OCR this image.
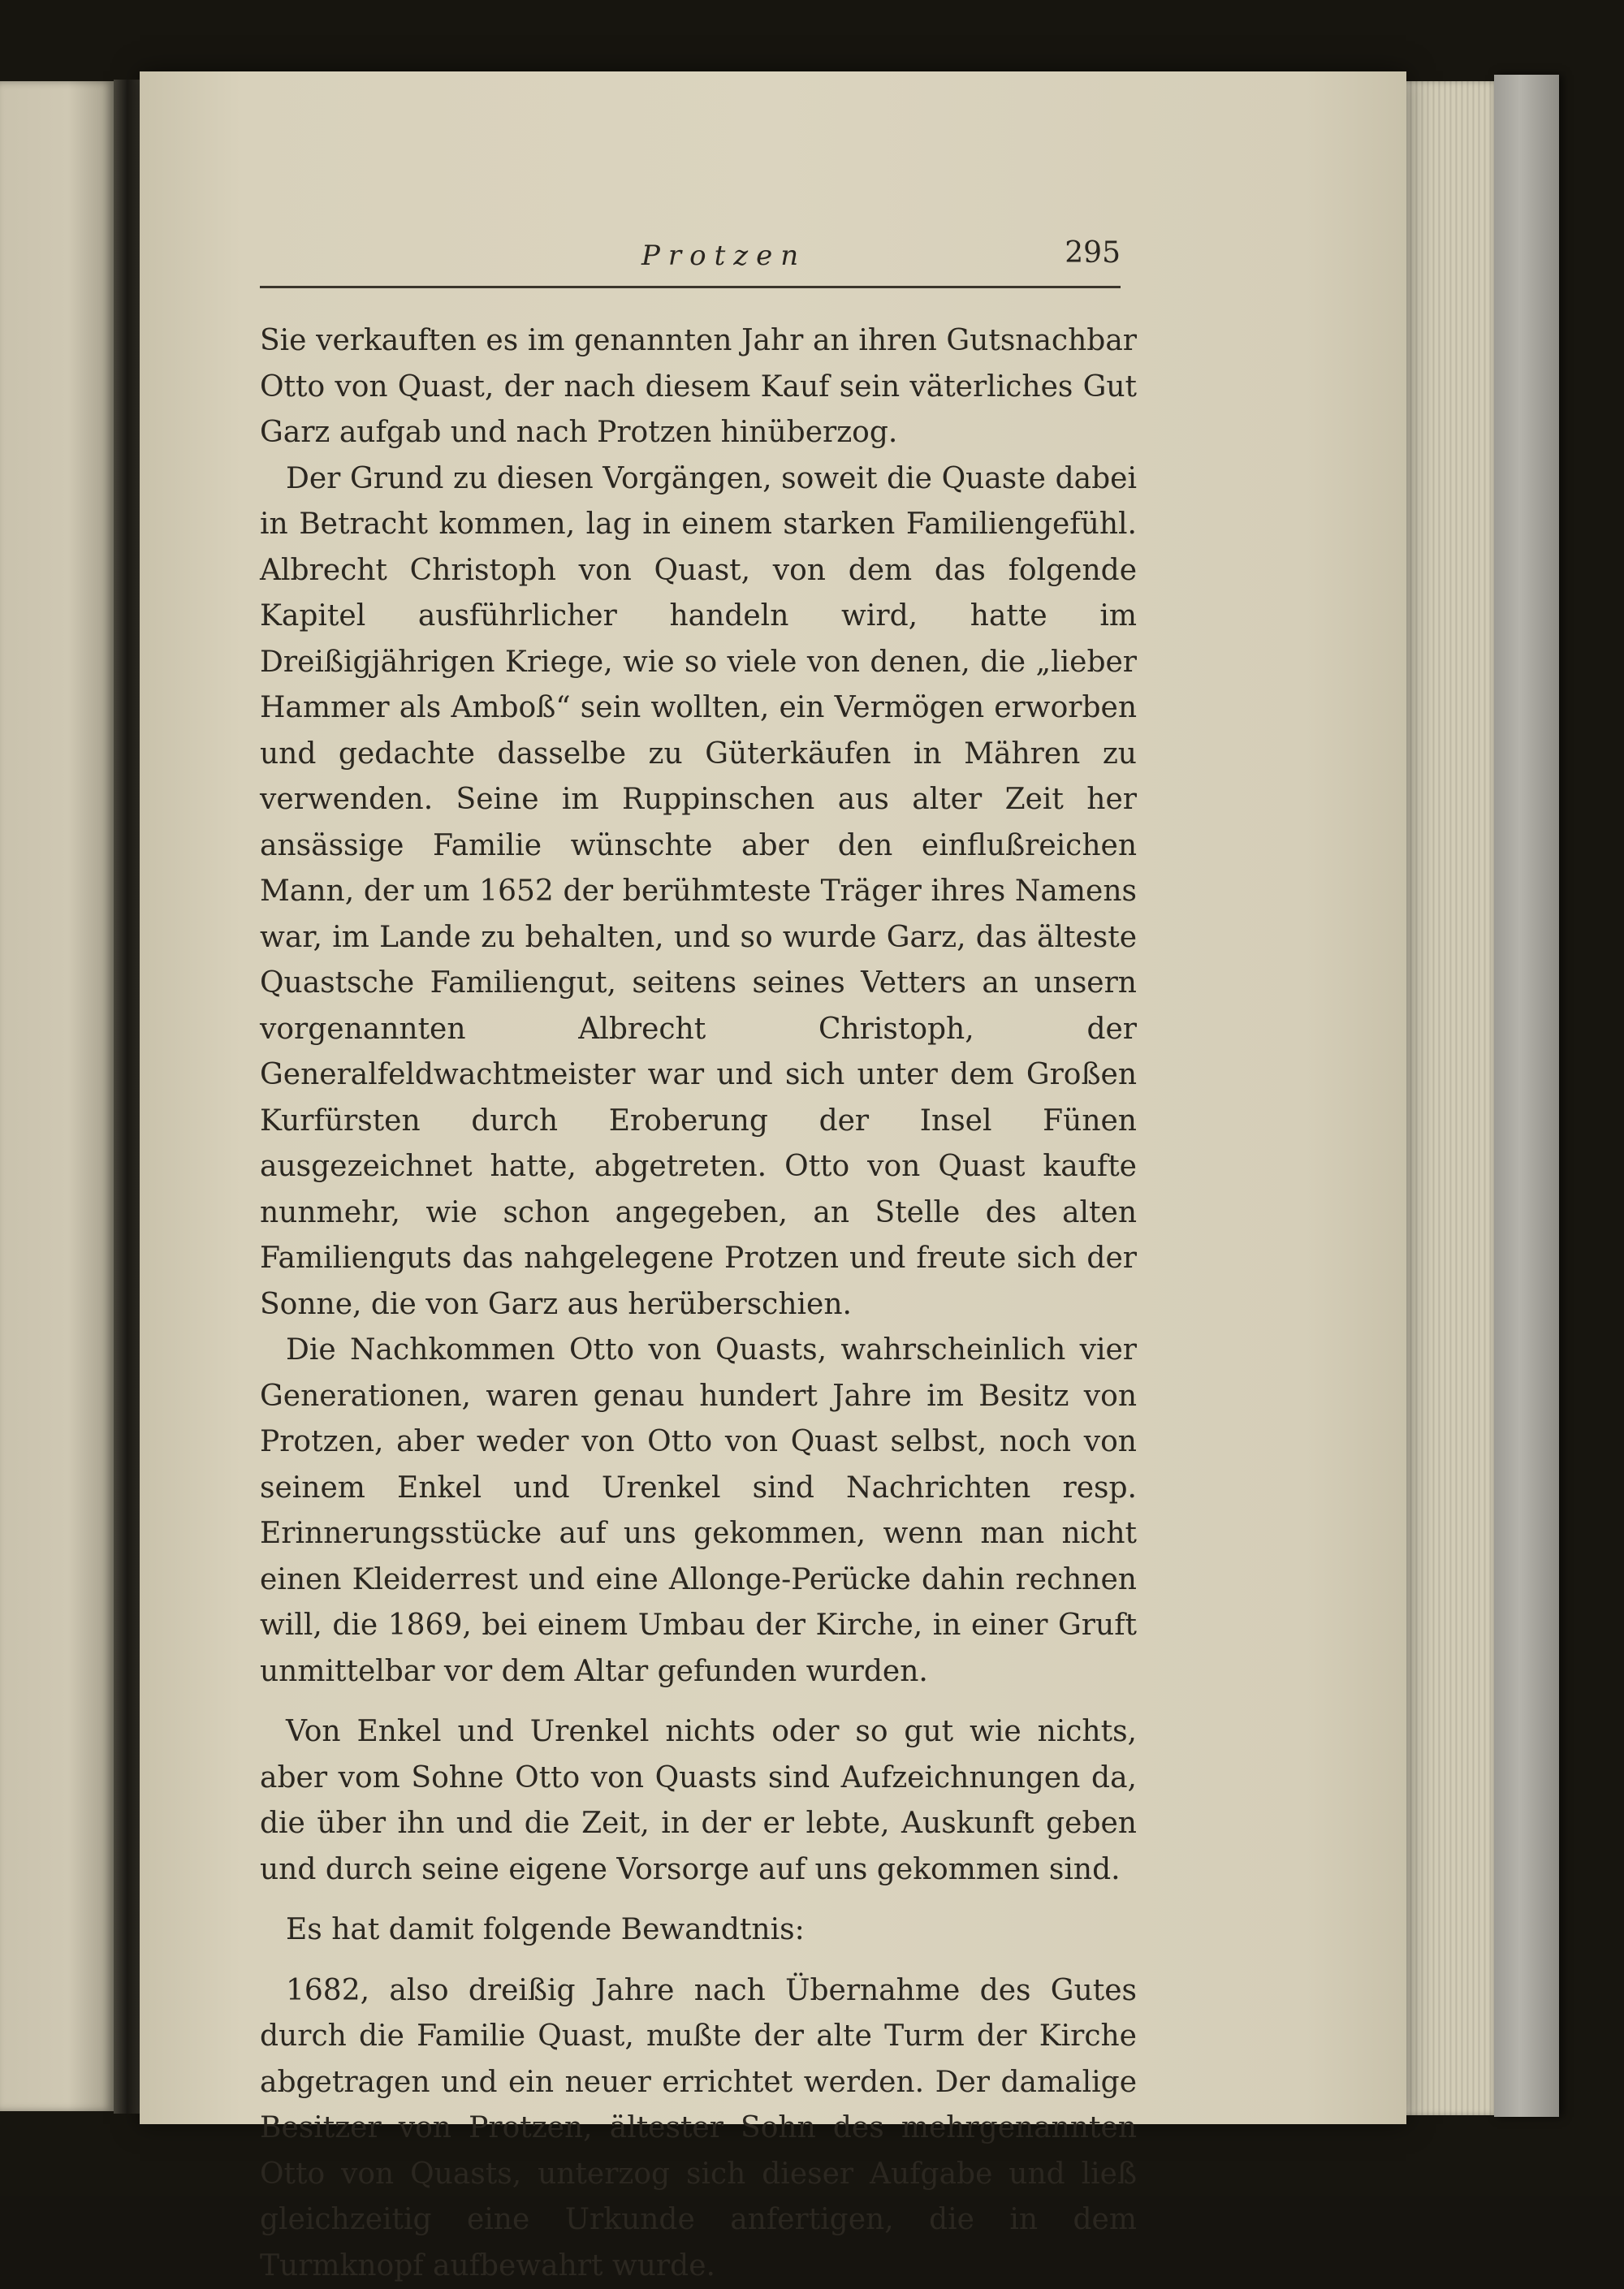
Protzen	295

Sie verkauften es im genannten Jahr an ihren Gutsnachbar Otto von Quast, der nach diesem Kauf sein väterliches Gut Garz aufgab und nach Protzen hinüberzog.

Der Grund zu diesen Vorgängen, soweit die Quaste dabei in Betracht kommen, lag in einem starken Familiengefühl. Albrecht Christoph von Quast, von dem das folgende Kapitel ausführlicher handeln wird, hatte im Dreißigjährigen Kriege, wie so viele von denen, die „lieber Hammer als Amboß“ sein wollten, ein Vermögen erworben und gedachte dasselbe zu Güterkäufen in Mähren zu verwenden. Seine im Ruppinschen aus alter Zeit her ansässige Familie wünschte aber den einflußreichen Mann, der um 1652 der berühmteste Träger ihres Namens war, im Lande zu behalten, und so wurde Garz, das älteste Quastsche Familiengut, seitens seines Vetters an unsern vorgenannten Albrecht Christoph, der Generalfeldwachtmeister war und sich unter dem Großen Kurfürsten durch Eroberung der Insel Fünen ausgezeichnet hatte, abgetreten. Otto von Quast kaufte nunmehr, wie schon angegeben, an Stelle des alten Familienguts das nahgelegene Protzen und freute sich der Sonne, die von Garz aus herüberschien.

Die Nachkommen Otto von Quasts, wahrscheinlich vier Generationen, waren genau hundert Jahre im Besitz von Protzen, aber weder von Otto von Quast selbst, noch von seinem Enkel und Urenkel sind Nachrichten resp. Erinnerungsstücke auf uns gekommen, wenn man nicht einen Kleiderrest und eine Allonge-Perücke dahin rechnen will, die 1869, bei einem Umbau der Kirche, in einer Gruft unmittelbar vor dem Altar gefunden wurden.

Von Enkel und Urenkel nichts oder so gut wie nichts, aber vom Sohne Otto von Quasts sind Aufzeichnungen da, die über ihn und die Zeit, in der er lebte, Auskunft geben und durch seine eigene Vorsorge auf uns gekommen sind.

Es hat damit folgende Bewandtnis:

1682, also dreißig Jahre nach Übernahme des Gutes durch die Familie Quast, mußte der alte Turm der Kirche abgetragen und ein neuer errichtet werden. Der damalige Besitzer von Protzen, ältester Sohn des mehrgenannten Otto von Quasts, unterzog sich dieser Aufgabe und ließ gleichzeitig eine Urkunde anfertigen, die in dem Turmknopf aufbewahrt wurde.
